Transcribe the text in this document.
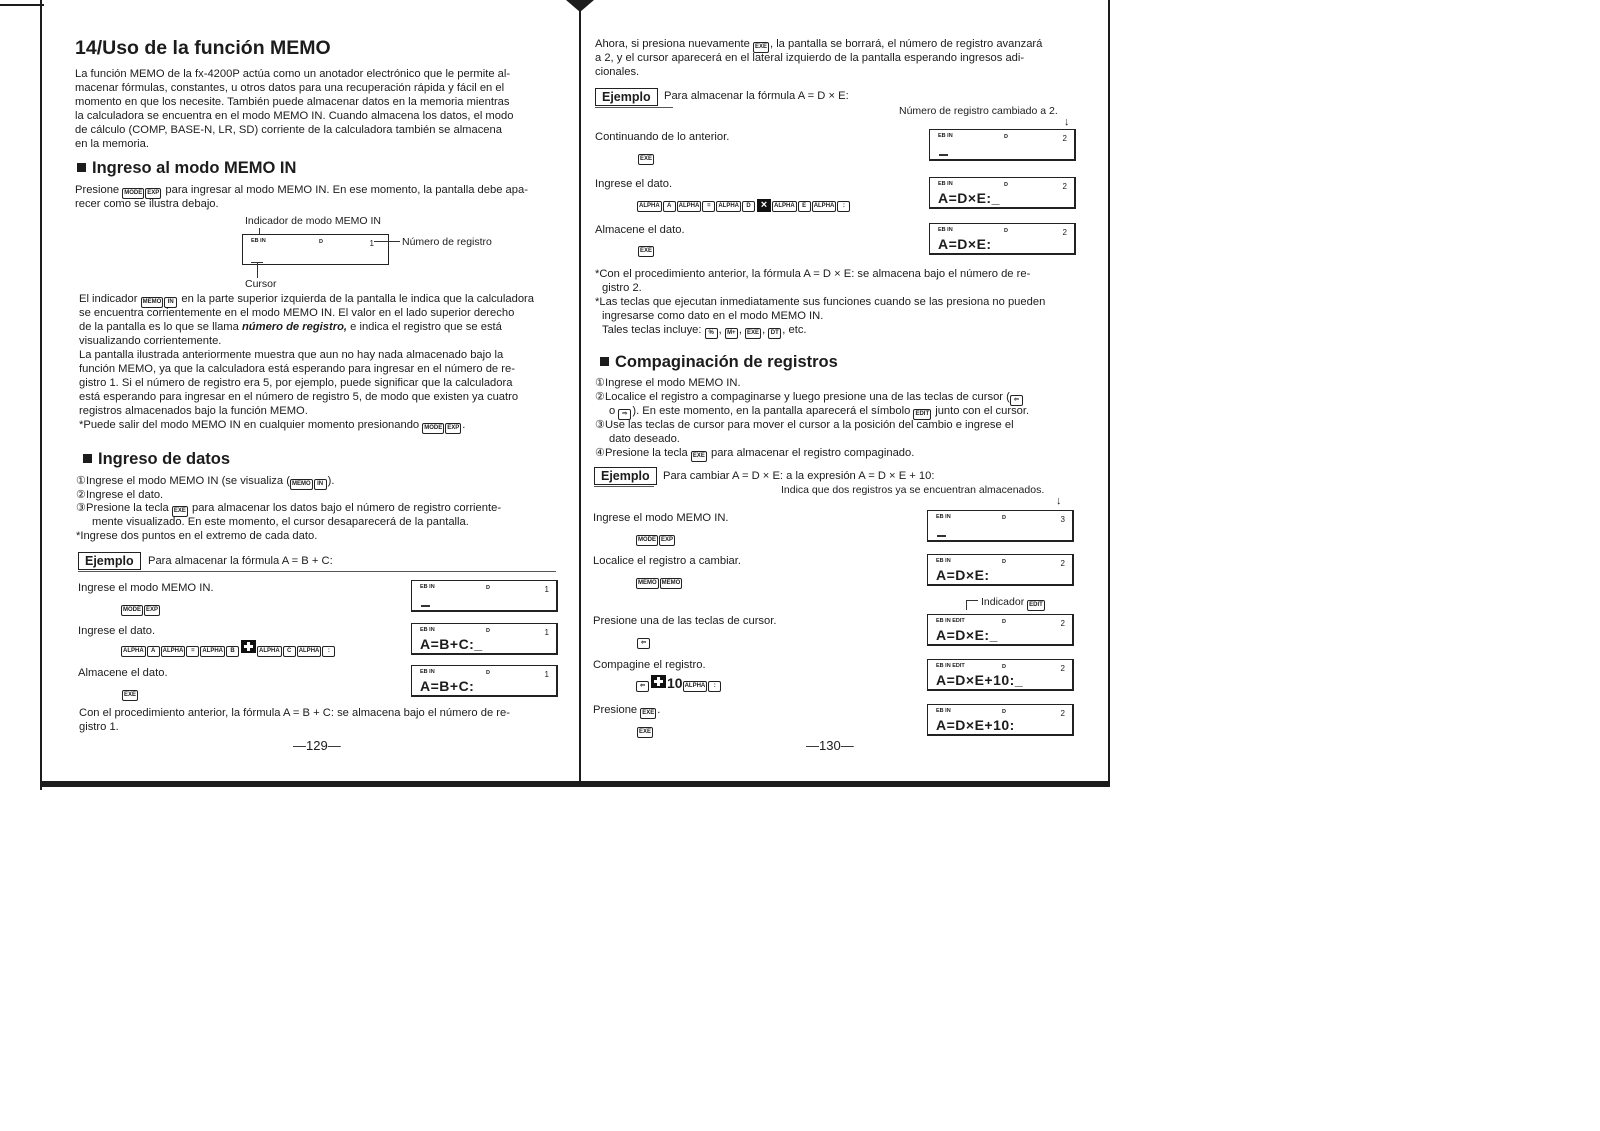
14/Uso de la función MEMO
La función MEMO de la fx-4200P actúa como un anotador electrónico que le permite al-
macenar fórmulas, constantes, u otros datos para una recuperación rápida y fácil en el
momento en que los necesite. También puede almacenar datos en la memoria mientras
la calculadora se encuentra en el modo MEMO IN. Cuando almacena los datos, el modo
de cálculo (COMP, BASE-N, LR, SD) corriente de la calculadora también se almacena
en la memoria.
Ingreso al modo MEMO IN
Presione MODE EXP para ingresar al modo MEMO IN. En ese momento, la pantalla debe apa-
recer como se ilustra debajo.
Indicador de modo MEMO IN
EB IN	D	1	Número de registro
Cursor
El indicador MEMO IN en la parte superior izquierda de la pantalla le indica que la calculadora
se encuentra corrientemente en el modo MEMO IN. El valor en el lado superior derecho
de la pantalla es lo que se llama número de registro, e indica el registro que se está
visualizando corrientemente.
La pantalla ilustrada anteriormente muestra que aun no hay nada almacenado bajo la
función MEMO, ya que la calculadora está esperando para ingresar en el número de re-
gistro 1. Si el número de registro era 5, por ejemplo, puede significar que la calculadora
está esperando para ingresar en el número de registro 5, de modo que existen ya cuatro
registros almacenados bajo la función MEMO.
*Puede salir del modo MEMO IN en cualquier momento presionando MODE EXP .
Ingreso de datos
①Ingrese el modo MEMO IN (se visualiza ( MEMO IN ).
②Ingrese el dato.
③Presione la tecla EXE para almacenar los datos bajo el número de registro corriente-
mente visualizado. En este momento, el cursor desaparecerá de la pantalla.
*Ingrese dos puntos en el extremo de cada dato.
Ejemplo	Para almacenar la fórmula A = B + C:
Ingrese el modo MEMO IN.
MODE EXP
EB IN	D	1
Ingrese el dato.
ALPHA A ALPHA = ALPHA B	ALPHA C ALPHA :
EB IN	D	1
A=B+C:_
Almacene el dato.
EXE
EB IN	D	1
A=B+C:
Con el procedimiento anterior, la fórmula A = B + C: se almacena bajo el número de re-
gistro 1.
—129—
Ahora, si presiona nuevamente EXE , la pantalla se borrará, el número de registro avanzará
a 2, y el cursor aparecerá en el lateral izquierdo de la pantalla esperando ingresos adi-
cionales.
Ejemplo	Para almacenar la fórmula A = D × E:
Número de registro cambiado a 2.
↓
Continuando de lo anterior.
EXE
EB IN	D	2
Ingrese el dato.
ALPHA A ALPHA = ALPHA D × ALPHA E ALPHA :
EB IN	D	2
A=D×E:_
Almacene el dato.
EXE
EB IN	D	2
A=D×E:
*Con el procedimiento anterior, la fórmula A = D × E: se almacena bajo el número de re-
gistro 2.
*Las teclas que ejecutan inmediatamente sus funciones cuando se las presiona no pueden
ingresarse como dato en el modo MEMO IN.
Tales teclas incluye: % , M+ , EXE , DT , etc.
Compaginación de registros
①Ingrese el modo MEMO IN.
②Localice el registro a compaginarse y luego presione una de las teclas de cursor ( ⇦
o ⇨ ). En este momento, en la pantalla aparecerá el símbolo EDIT junto con el cursor.
③Use las teclas de cursor para mover el cursor a la posición del cambio e ingrese el
dato deseado.
④Presione la tecla EXE para almacenar el registro compaginado.
Ejemplo	Para cambiar A = D × E: a la expresión A = D × E + 10:
Indica que dos registros ya se encuentran almacenados.
↓
Ingrese el modo MEMO IN.
MODE EXP
EB IN	D	3
Localice el registro a cambiar.
MEMO MEMO
EB IN	D	2
A=D×E:
Indicador EDIT
Presione una de las teclas de cursor.
⇦
EB IN EDIT	D	2
A=D×E:_
Compagine el registro.
⇦ 10 ALPHA :
EB IN EDIT	D	2
A=D×E+10:_
Presione EXE .
EXE
EB IN	D	2
A=D×E+10:
—130—
